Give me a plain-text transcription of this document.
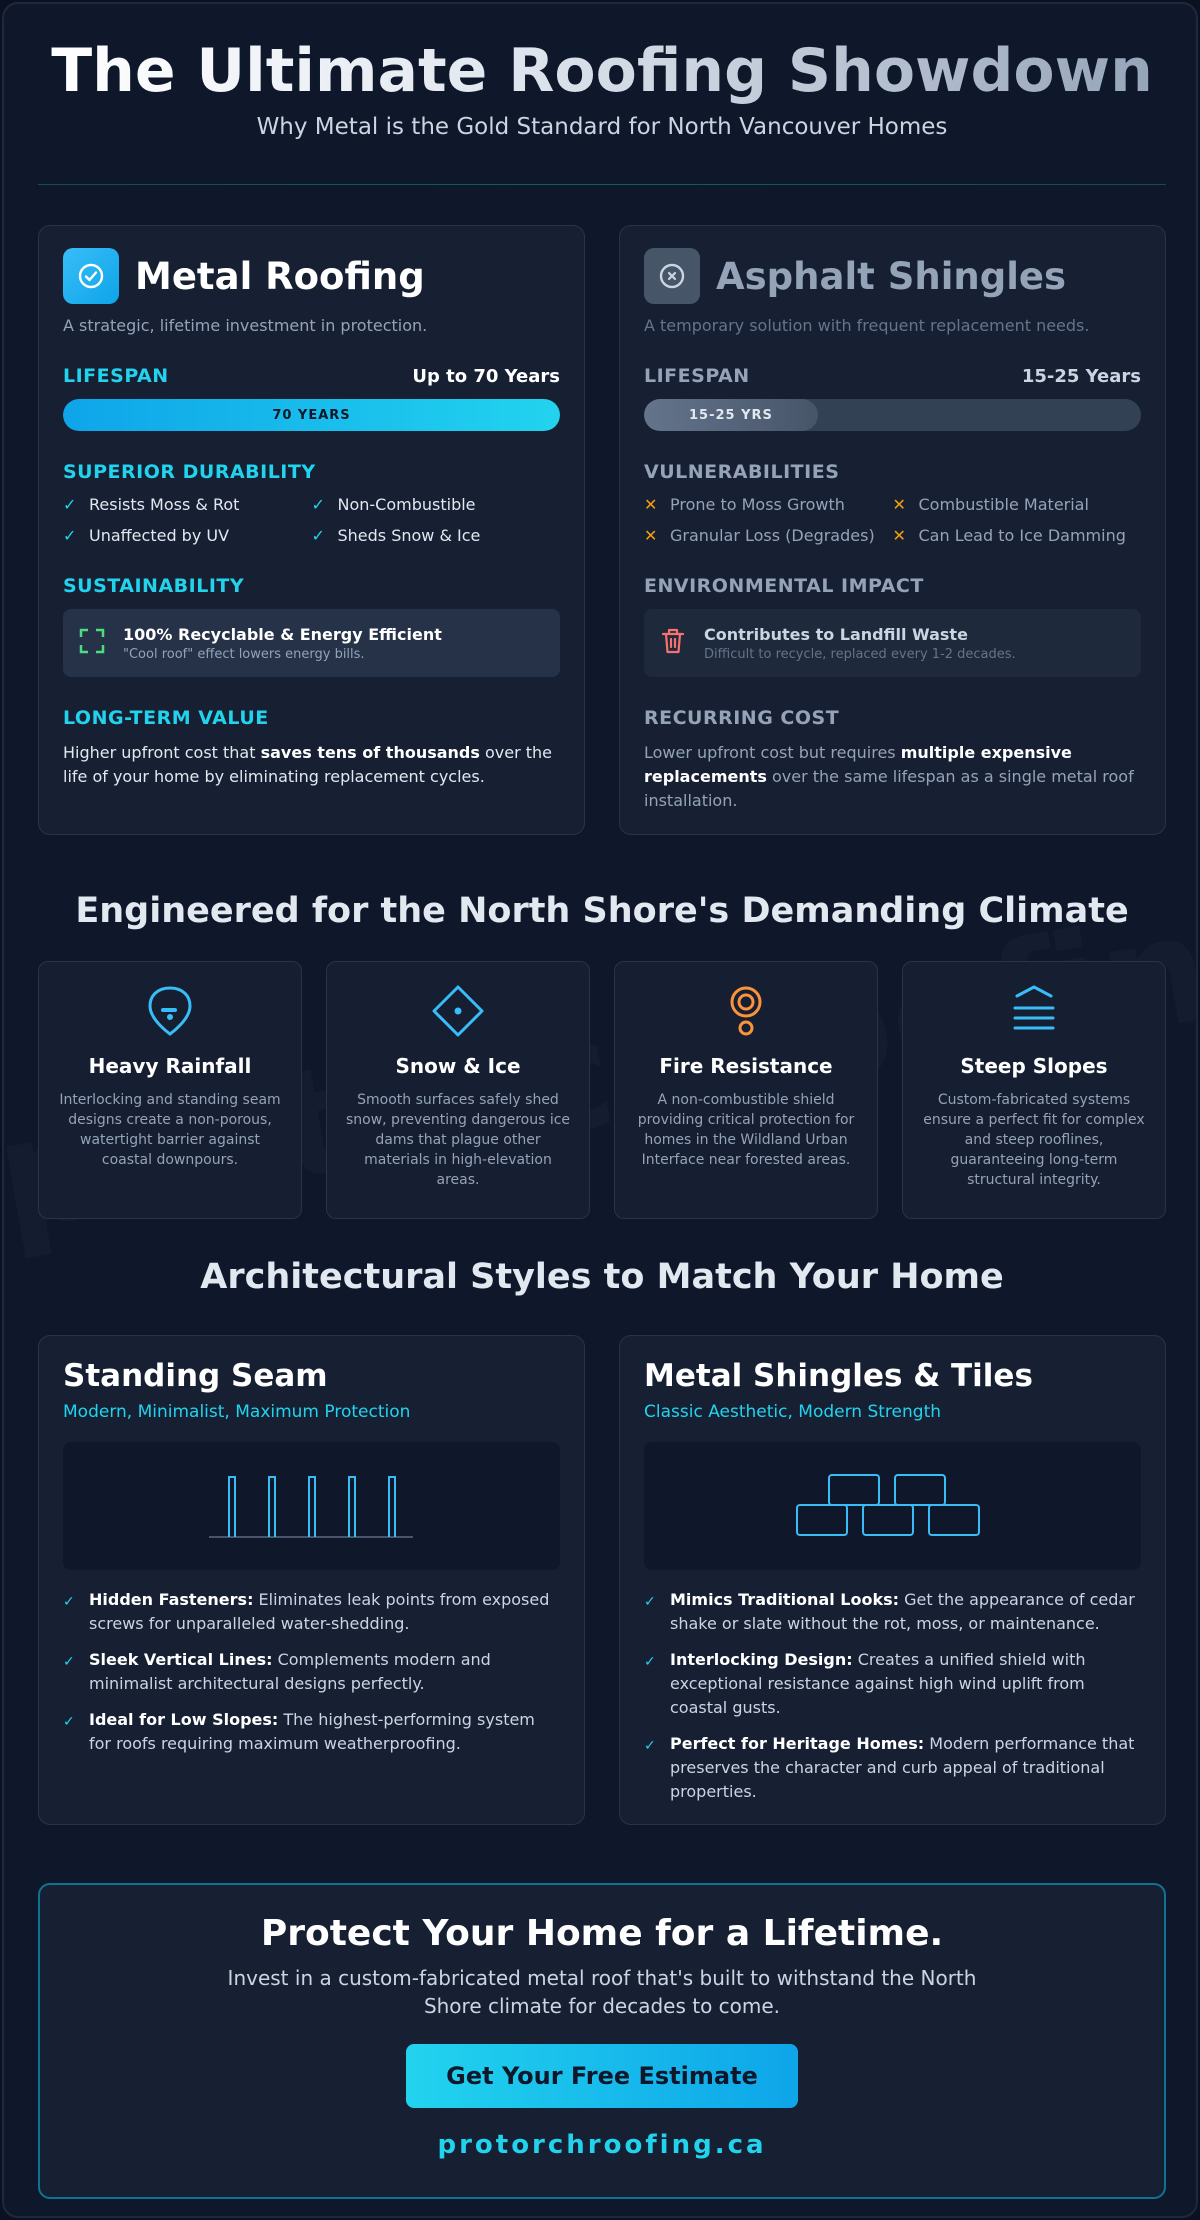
The Ultimate Roofing Showdown

Why Metal is the Gold Standard for North Vancouver Homes

Metal Roofing
A strategic, lifetime investment in protection.
LIFESPAN	Up to 70 Years
70 YEARS
SUPERIOR DURABILITY
✓ Resists Moss & Rot	✓ Non-Combustible
✓ Unaffected by UV	✓ Sheds Snow & Ice
SUSTAINABILITY
100% Recyclable & Energy Efficient
"Cool roof" effect lowers energy bills.
LONG-TERM VALUE

Higher upfront cost that saves tens of thousands over the life of your home by eliminating replacement cycles.

Asphalt Shingles
A temporary solution with frequent replacement needs.
LIFESPAN	15-25 Years
15-25 YRS
VULNERABILITIES
✕ Prone to Moss Growth	✕ Combustible Material
✕ Granular Loss (Degrades) ✕ Can Lead to Ice Damming
ENVIRONMENTAL IMPACT
Contributes to Landfill Waste
Difficult to recycle, replaced every 1-2 decades.
RECURRING COST

Lower upfront cost but requires multiple expensive replacements over the same lifespan as a single metal roof installation.

Engineered for the North Shore's Demanding Climate
Heavy Rainfall
Interlocking and standing seam designs create a non-porous, watertight barrier against coastal downpours.
Snow & Ice
Smooth surfaces safely shed snow, preventing dangerous ice dams that plague other materials in high-elevation areas.
Fire Resistance
A non-combustible shield providing critical protection for homes in the Wildland Urban Interface near forested areas.
Steep Slopes
Custom-fabricated systems ensure a perfect fit for complex and steep rooflines, guaranteeing long-term structural integrity.
Architectural Styles to Match Your Home
Standing Seam
Modern, Minimalist, Maximum Protection
✓ Hidden Fasteners: Eliminates leak points from exposed screws for unparalleled water-shedding.
✓ Sleek Vertical Lines: Complements modern and minimalist architectural designs perfectly.
✓ Ideal for Low Slopes: The highest-performing system for roofs requiring maximum weatherproofing.
Metal Shingles & Tiles
Classic Aesthetic, Modern Strength
✓ Mimics Traditional Looks: Get the appearance of cedar shake or slate without the rot, moss, or maintenance.
✓ Interlocking Design: Creates a unified shield with exceptional resistance against high wind uplift from coastal gusts.
✓ Perfect for Heritage Homes: Modern performance that preserves the character and curb appeal of traditional properties.
Protect Your Home for a Lifetime.
Invest in a custom-fabricated metal roof that's built to withstand the North Shore climate for decades to come.
Get Your Free Estimate
protorchroofing.ca
